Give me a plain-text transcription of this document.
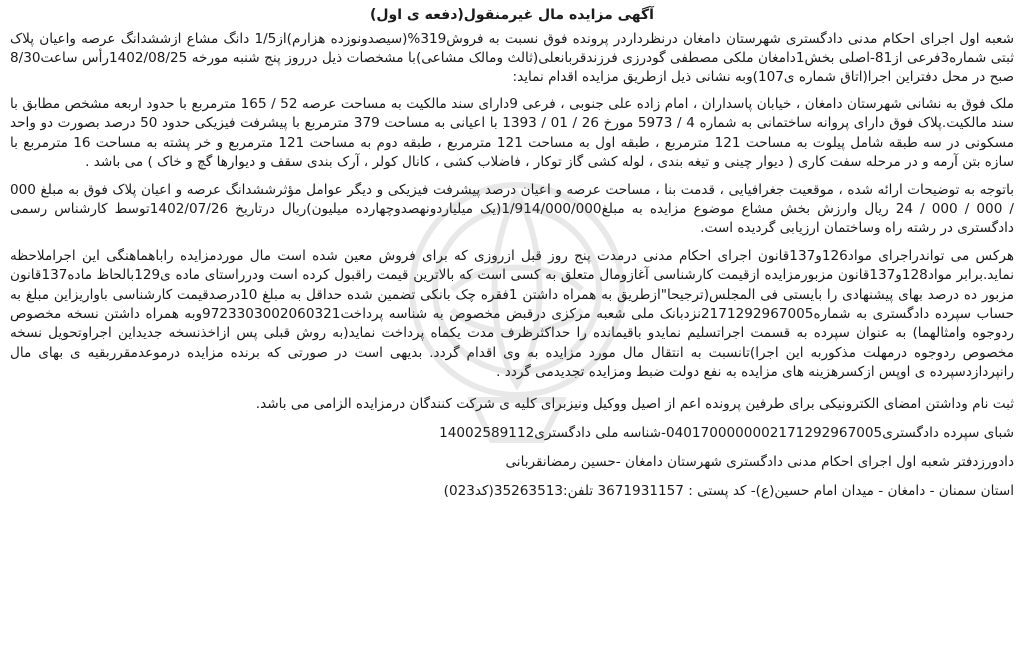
آگهی مزایده مال غیرمنقول(دفعه ی اول)

شعبه اول اجرای احکام مدنی دادگستری شهرستان دامغان درنظرداردر پرونده فوق نسبت به فروش319%(سیصدونوزده هزارم)از1/5 دانگ مشاع ازششدانگ عرصه واعیان پلاک ثبتی شماره3فرعی از81-اصلی بخش1دامغان ملکی مصطفی گودرزی فرزندقربانعلی(ثالث ومالک مشاعی)با مشخصات ذیل درروز پنج شنبه مورخه 1402/08/25رأس ساعت8/30 صبح در محل دفتراین اجرا(اتاق شماره ی107)وبه نشانی ذیل ازطریق مزایده اقدام نماید:

ملک فوق به نشانی شهرستان دامغان ، خیابان پاسداران ، امام زاده علی جنوبی ، فرعی 9دارای سند مالکیت به مساحت عرصه 52 / 165 مترمربع با حدود اربعه مشخص مطابق با سند مالکیت.پلاک فوق دارای پروانه ساختمانی به شماره 4 / 5973 مورخ 26 / 01 / 1393 با اعیانی به مساحت 379 مترمربع با پیشرفت فیزیکی حدود 50 درصد بصورت دو واحد مسکونی در سه طبقه شامل پیلوت به مساحت 121 مترمربع ، طبقه اول به مساحت 121 مترمربع ، طبقه دوم به مساحت 121 مترمربع و خر پشته به مساحت 16 مترمربع با سازه بتن آرمه و در مرحله سفت کاری ( دیوار چینی و تیغه بندی ، لوله کشی گاز توکار ، فاضلاب کشی ، کانال کولر ، آرک بندی سقف و دیوارها گچ و خاک ) می باشد .

باتوجه به توضیحات ارائه شده ، موقعیت جغرافیایی ، قدمت بنا ، مساحت عرصه و اعیان درصد پیشرفت فیزیکی و دیگر عوامل مؤثرششدانگ عرصه و اعیان پلاک فوق به مبلغ 000 / 000 / 000 / 24 ریال وارزش بخش مشاع موضوع مزایده به مبلغ1/914/000/000(یک میلیاردونهصدوچهارده میلیون)ریال درتاریخ 1402/07/26توسط کارشناس رسمی دادگستری در رشته راه وساختمان ارزیابی گردیده است.

هرکس می تواندراجرای مواد126و137قانون اجرای احکام مدنی درمدت پنج روز قبل ازروزی که برای فروش معین شده است مال موردمزایده راباهماهنگی این اجراملاحظه نماید.برابر مواد128و137قانون مزبورمزایده ازقیمت کارشناسی آغازومال متعلق به کسی است که بالاترین قیمت راقبول کرده است ودرراستای ماده ی129بالحاظ ماده137قانون مزبور ده درصد بهای پیشنهادی را بایستی فی المجلس(ترجیحا"ازطریق به همراه داشتن 1فقره چک بانکی تضمین شده حداقل به مبلغ 10درصدقیمت کارشناسی باواریزاین مبلغ به حساب سپرده دادگستری به شماره2171292967005نزدبانک ملی شعبه مرکزی درقبض مخصوص به شناسه پرداخت9723303002060321وبه همراه داشتن نسخه مخصوص ردوجوه وامثالهما) به عنوان سپرده به قسمت اجراتسلیم نمایدو باقیمانده را حداکثرظرف مدت یکماه پرداخت نماید(به روش قبلی پس ازاخذنسخه جدیداین اجراوتحویل نسخه مخصوص ردوجوه درمهلت مذکوربه این اجرا)تانسبت به انتقال مال مورد مزایده به وی اقدام گردد. بدیهی است در صورتی که برنده مزایده درموعدمقرربقیه ی بهای مال رانپردازدسپرده ی اوپس ازکسرهزینه های مزایده به نفع دولت ضبط ومزایده تجدیدمی گردد .

ثبت نام وداشتن امضای الکترونیکی برای طرفین پرونده اعم از اصیل ووکیل ونیزبرای کلیه ی شرکت کنندگان درمزایده الزامی می باشد.
شبای سپرده دادگستری0401700000002171292967005-شناسه ملی دادگستری14002589112
دادورزدفتر شعبه اول اجرای احکام مدنی دادگستری شهرستان دامغان -حسین رمضانقربانی
استان سمنان - دامغان - میدان امام حسین(ع)- کد پستی : 3671931157 تلفن:35263513(کد023)
